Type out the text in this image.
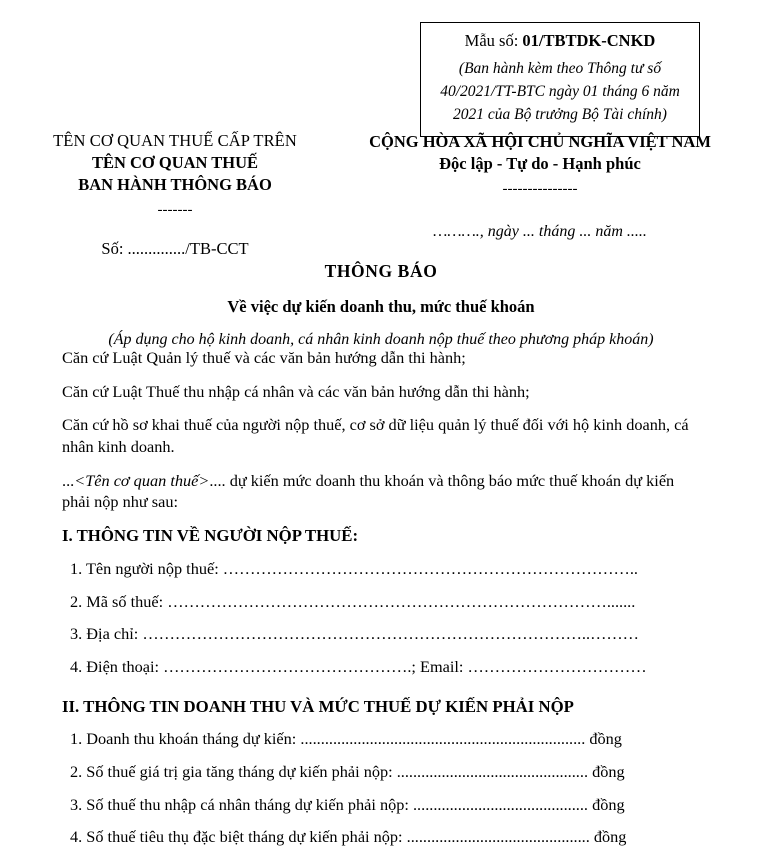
Mẫu số: 01/TBTDK-CNKD
(Ban hành kèm theo Thông tư số
40/2021/TT-BTC ngày 01 tháng 6 năm
2021 của Bộ trưởng Bộ Tài chính)
TÊN CƠ QUAN THUẾ CẤP TRÊN
TÊN CƠ QUAN THUẾ
BAN HÀNH THÔNG BÁO
-------
Số: ............../TB-CCT
CỘNG HÒA XÃ HỘI CHỦ NGHĨA VIỆT NAM
Độc lập - Tự do - Hạnh phúc
---------------
………., ngày ... tháng ... năm .....
THÔNG BÁO
Về việc dự kiến doanh thu, mức thuế khoán
(Áp dụng cho hộ kinh doanh, cá nhân kinh doanh nộp thuế theo phương pháp khoán)
Căn cứ Luật Quản lý thuế và các văn bản hướng dẫn thi hành;
Căn cứ Luật Thuế thu nhập cá nhân và các văn bản hướng dẫn thi hành;
Căn cứ hồ sơ khai thuế của người nộp thuế, cơ sở dữ liệu quản lý thuế đối với hộ kinh doanh, cá nhân kinh doanh.
...<Tên cơ quan thuế>.... dự kiến mức doanh thu khoán và thông báo mức thuế khoán dự kiến phải nộp như sau:
I. THÔNG TIN VỀ NGƯỜI NỘP THUẾ:
1. Tên người nộp thuế: …………………………………………………………………..
2. Mã số thuế: ……………………………………………………………………….......
3. Địa chỉ: ………………………………………………………………………..………
4. Điện thoại: ……………………………………….; Email: ……………………………
II. THÔNG TIN DOANH THU VÀ MỨC THUẾ DỰ KIẾN PHẢI NỘP
1. Doanh thu khoán tháng dự kiến: ...................................................................... đồng
2. Số thuế giá trị gia tăng tháng dự kiến phải nộp: ............................................... đồng
3. Số thuế thu nhập cá nhân tháng dự kiến phải nộp: ........................................... đồng
4. Số thuế tiêu thụ đặc biệt tháng dự kiến phải nộp: ............................................. đồng
